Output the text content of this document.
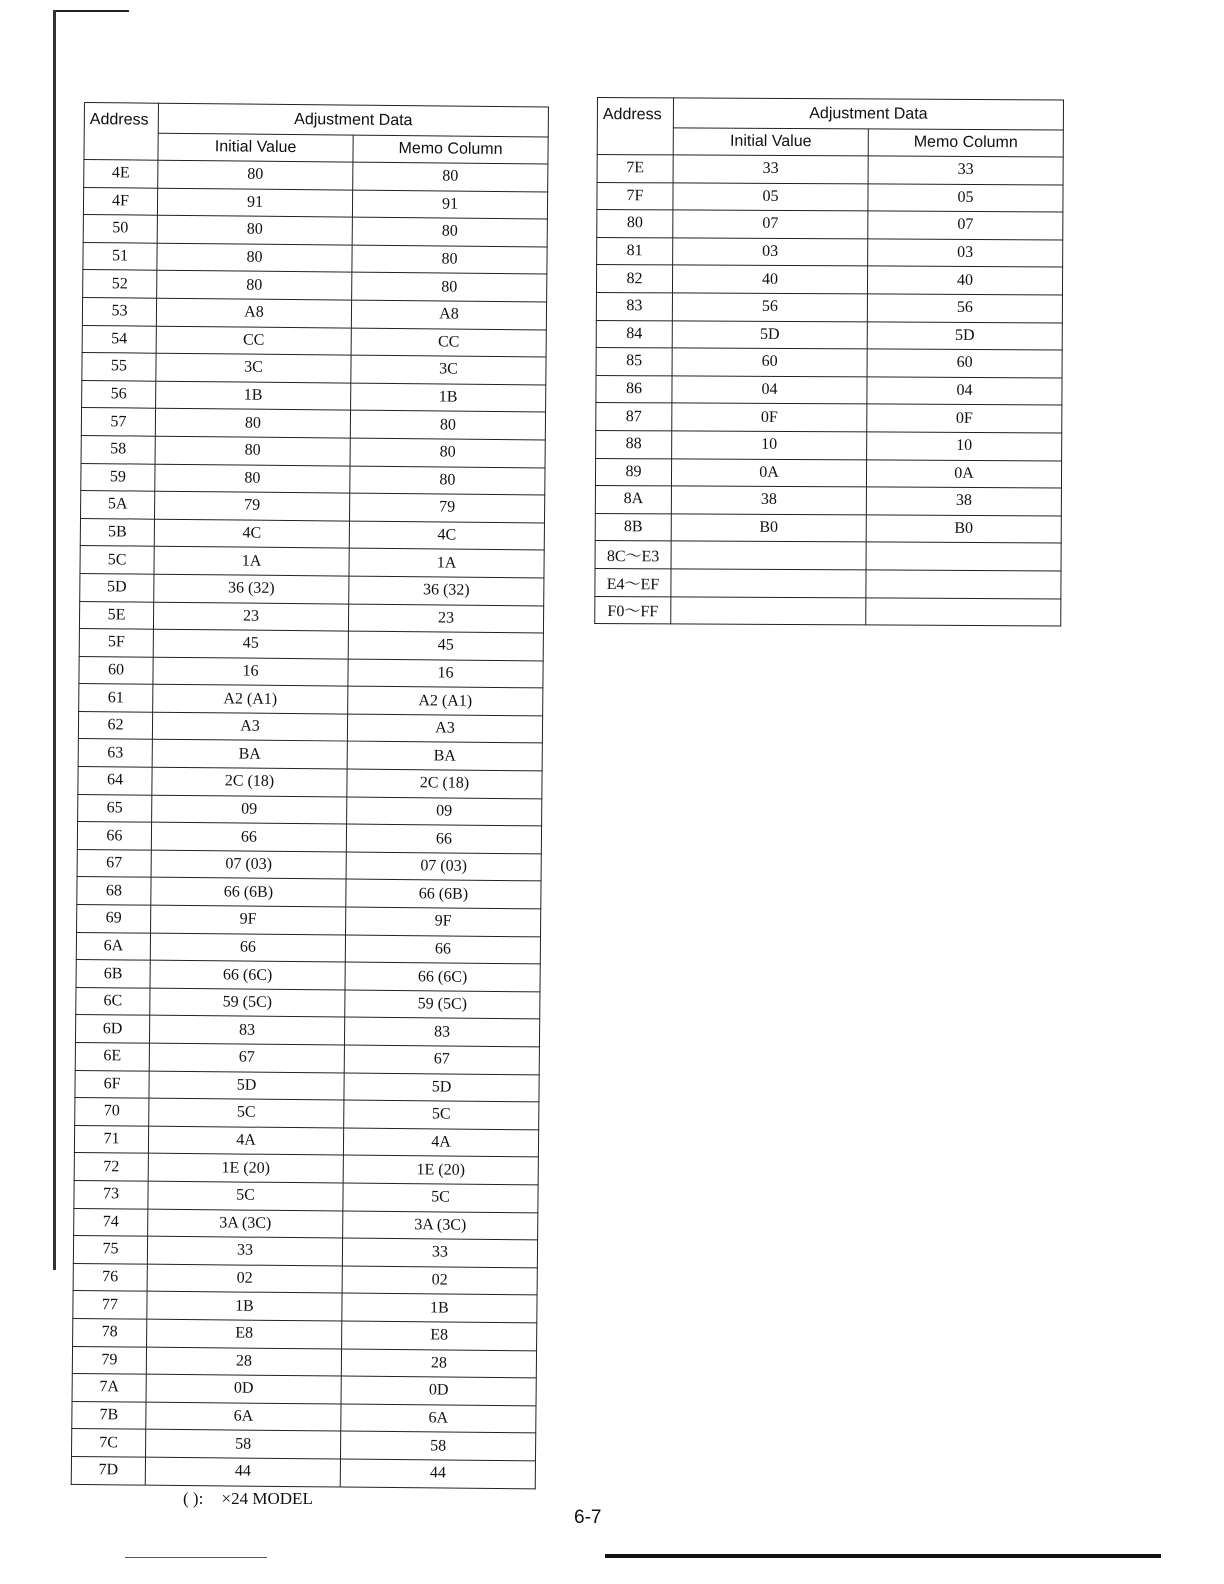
Address	Adjustment Data	
	Initial Value	Memo Column
4E	80	80
4F	91	91
50	80	80
51	80	80
52	80	80
53	A8	A8
54	CC	CC
55	3C	3C
56	1B	1B
57	80	80
58	80	80
59	80	80
5A	79	79
5B	4C	4C
5C	1A	1A
5D	36 (32)	36 (32)
5E	23	23
5F	45	45
60	16	16
61	A2 (A1)	A2 (A1)
62	A3	A3
63	BA	BA
64	2C (18)	2C (18)
65	09	09
66	66	66
67	07 (03)	07 (03)
68	66 (6B)	66 (6B)
69	9F	9F
6A	66	66
6B	66 (6C)	66 (6C)
6C	59 (5C)	59 (5C)
6D	83	83
6E	67	67
6F	5D	5D
70	5C	5C
71	4A	4A
72	1E (20)	1E (20)
73	5C	5C
74	3A (3C)	3A (3C)
75	33	33
76	02	02
77	1B	1B
78	E8	E8
79	28	28
7A	0D	0D
7B	6A	6A
7C	58	58
7D	44	44
Address	Adjustment Data	
	Initial Value	Memo Column
7E	33	33
7F	05	05
80	07	07
81	03	03
82	40	40
83	56	56
84	5D	5D
85	60	60
86	04	04
87	0F	0F
88	10	10
89	0A	0A
8A	38	38
8B	B0	B0
8C～E3		
E4～EF		
F0～FF		
( ): ×24 MODEL
6-7
